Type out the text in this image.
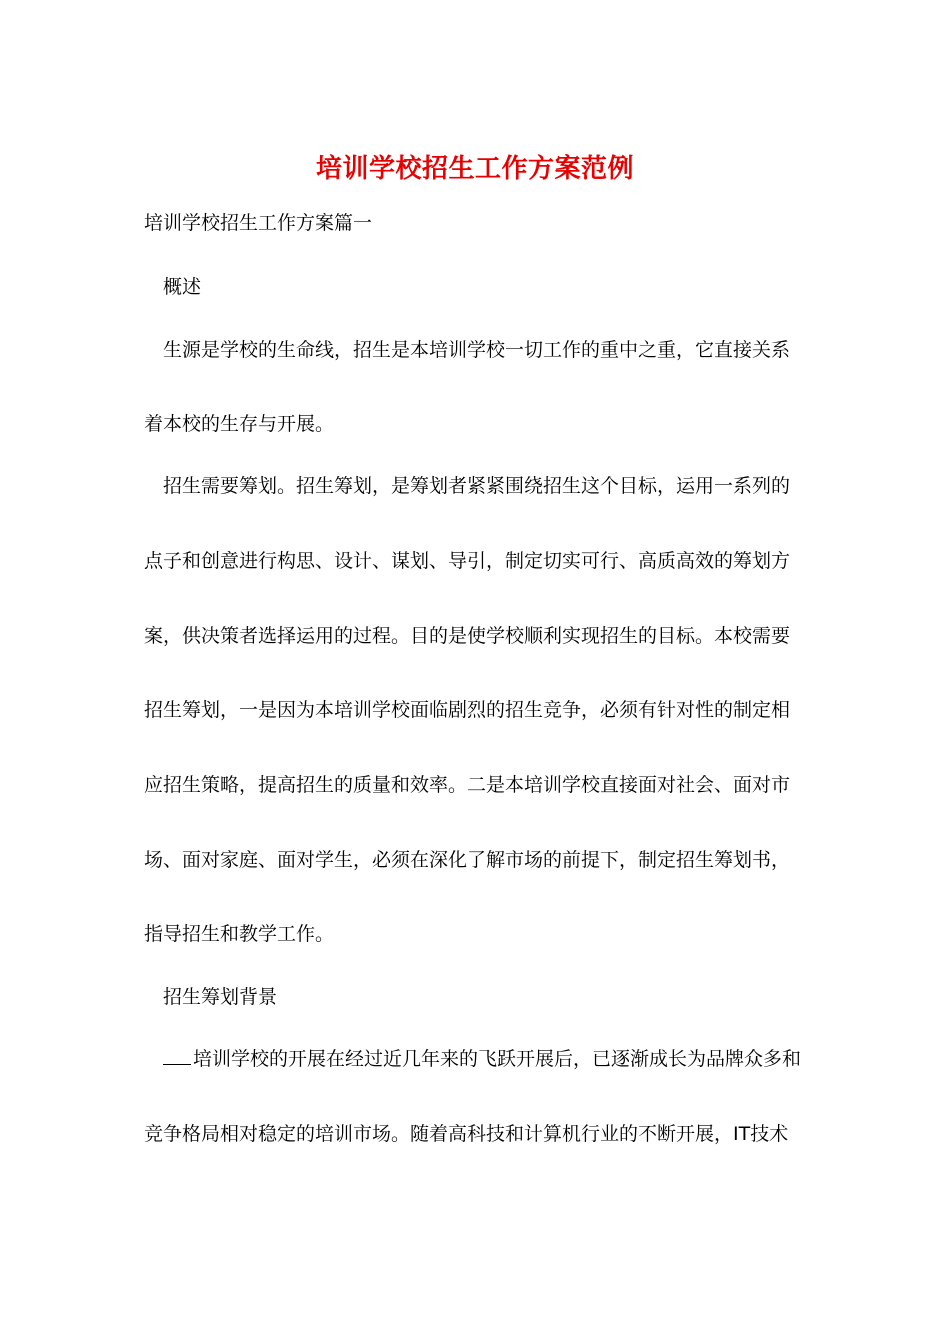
培训学校招生工作方案范例
培训学校招生工作方案篇一
概述
生源是学校的生命线，招生是本培训学校一切工作的重中之重，它直接关系
着本校的生存与开展。
招生需要筹划。招生筹划，是筹划者紧紧围绕招生这个目标，运用一系列的
点子和创意进行构思、设计、谋划、导引，制定切实可行、高质高效的筹划方
案，供决策者选择运用的过程。目的是使学校顺利实现招生的目标。本校需要
招生筹划，一是因为本培训学校面临剧烈的招生竞争，必须有针对性的制定相
应招生策略，提高招生的质量和效率。二是本培训学校直接面对社会、面对市
场、面对家庭、面对学生，必须在深化了解市场的前提下，制定招生筹划书，
指导招生和教学工作。
招生筹划背景
培训学校的开展在经过近几年来的飞跃开展后，已逐渐成长为品牌众多和
竞争格局相对稳定的培训市场。随着高科技和计算机行业的不断开展，IT技术
